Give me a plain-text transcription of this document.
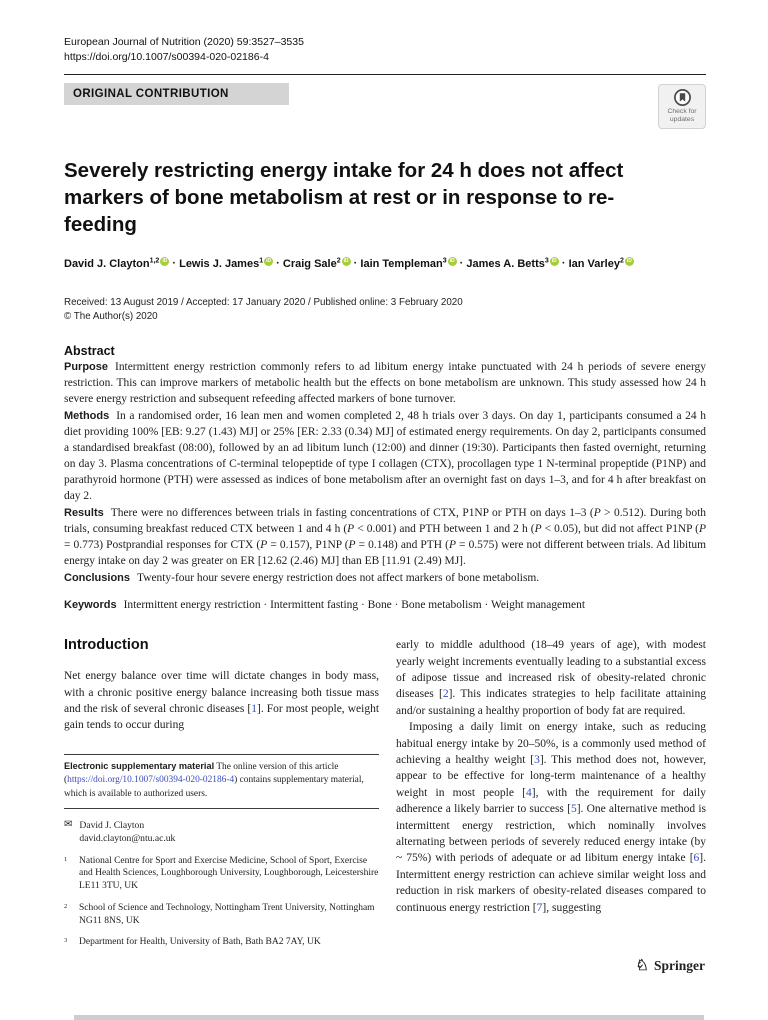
European Journal of Nutrition (2020) 59:3527–3535
https://doi.org/10.1007/s00394-020-02186-4
ORIGINAL CONTRIBUTION
Check for
updates
Severely restricting energy intake for 24 h does not affect markers of bone metabolism at rest or in response to re-feeding
David J. Clayton$^{1,2}$ iD · Lewis J. James$^1$ iD · Craig Sale$^2$ iD · Iain Templeman$^3$ iD · James A. Betts$^3$ iD · Ian Varley$^2$ iD
Received: 13 August 2019 / Accepted: 17 January 2020 / Published online: 3 February 2020
© The Author(s) 2020
Abstract

Purpose Intermittent energy restriction commonly refers to ad libitum energy intake punctuated with 24 h periods of severe energy restriction. This can improve markers of metabolic health but the effects on bone metabolism are unknown. This study assessed how 24 h severe energy restriction and subsequent refeeding affected markers of bone turnover.

Methods In a randomised order, 16 lean men and women completed 2, 48 h trials over 3 days. On day 1, participants consumed a 24 h diet providing 100% [EB: 9.27 (1.43) MJ] or 25% [ER: 2.33 (0.34) MJ] of estimated energy requirements. On day 2, participants consumed a standardised breakfast (08:00), followed by an ad libitum lunch (12:00) and dinner (19:30). Participants then fasted overnight, returning on day 3. Plasma concentrations of C-terminal telopeptide of type I collagen (CTX), procollagen type 1 N-terminal propeptide (P1NP) and parathyroid hormone (PTH) were assessed as indices of bone metabolism after an overnight fast on days 1–3, and for 4 h after breakfast on day 2.

Results There were no differences between trials in fasting concentrations of CTX, P1NP or PTH on days 1–3 (P > 0.512). During both trials, consuming breakfast reduced CTX between 1 and 4 h (P < 0.001) and PTH between 1 and 2 h (P < 0.05), but did not affect P1NP (P = 0.773) Postprandial responses for CTX (P = 0.157), P1NP (P = 0.148) and PTH (P = 0.575) were not different between trials. Ad libitum energy intake on day 2 was greater on ER [12.62 (2.46) MJ] than EB [11.91 (2.49) MJ].

Conclusions Twenty-four hour severe energy restriction does not affect markers of bone metabolism.

Keywords Intermittent energy restriction · Intermittent fasting · Bone · Bone metabolism · Weight management

Introduction

Net energy balance over time will dictate changes in body mass, with a chronic positive energy balance increasing both tissue mass and the risk of several chronic diseases [1]. For most people, weight gain tends to occur during

Electronic supplementary material The online version of this article (https://doi.org/10.1007/s00394-020-02186-4) contains supplementary material, which is available to authorized users.

✉ David J. Clayton
david.clayton@ntu.ac.uk
1	National Centre for Sport and Exercise Medicine, School of Sport, Exercise and Health Sciences, Loughborough University, Loughborough, Leicestershire LE11 3TU, UK
2	School of Science and Technology, Nottingham Trent University, Nottingham NG11 8NS, UK
3	Department for Health, University of Bath, Bath BA2 7AY, UK

early to middle adulthood (18–49 years of age), with modest yearly weight increments eventually leading to a substantial excess of adipose tissue and increased risk of obesity-related chronic diseases [2]. This indicates strategies to help facilitate attaining and/or sustaining a healthy proportion of body fat are required.

Imposing a daily limit on energy intake, such as reducing habitual energy intake by 20–50%, is a commonly used method of achieving a healthy weight [3]. This method does not, however, appear to be effective for long-term maintenance of a healthy weight in most people [4], with the requirement for daily adherence a likely barrier to success [5]. One alternative method is intermittent energy restriction, which nominally involves alternating between periods of severely reduced energy intake (by ~ 75%) with periods of adequate or ad libitum energy intake [6]. Intermittent energy restriction can achieve similar weight loss and reduction in risk markers of obesity-related diseases compared to continuous energy restriction [7], suggesting

♘ Springer
